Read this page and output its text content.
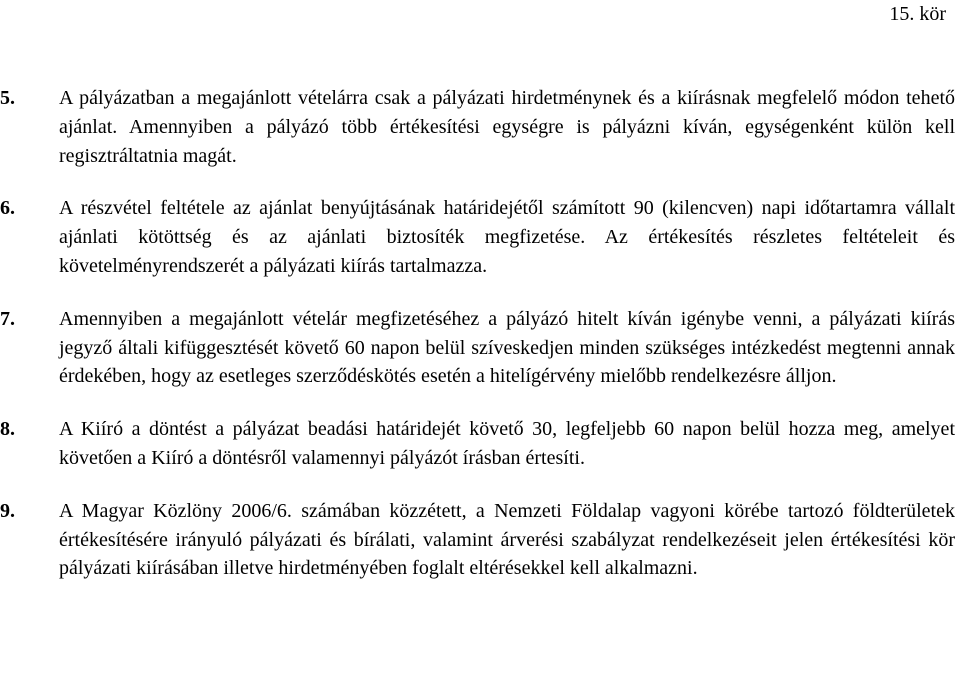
15. kör
5. A pályázatban a megajánlott vételárra csak a pályázati hirdetménynek és a kiírásnak megfelelő módon tehető ajánlat. Amennyiben a pályázó több értékesítési egységre is pályázni kíván, egységenként külön kell regisztráltatnia magát.
6. A részvétel feltétele az ajánlat benyújtásának határidejétől számított 90 (kilencven) napi időtartamra vállalt ajánlati kötöttség és az ajánlati biztosíték megfizetése. Az értékesítés részletes feltételeit és követelményrendszerét a pályázati kiírás tartalmazza.
7. Amennyiben a megajánlott vételár megfizetéséhez a pályázó hitelt kíván igénybe venni, a pályázati kiírás jegyző általi kifüggesztését követő 60 napon belül szíveskedjen minden szükséges intézkedést megtenni annak érdekében, hogy az esetleges szerződéskötés esetén a hitelígérvény mielőbb rendelkezésre álljon.
8. A Kiíró a döntést a pályázat beadási határidejét követő 30, legfeljebb 60 napon belül hozza meg, amelyet követően a Kiíró a döntésről valamennyi pályázót írásban értesíti.
9. A Magyar Közlöny 2006/6. számában közzétett, a Nemzeti Földalap vagyoni körébe tartozó földterületek értékesítésére irányuló pályázati és bírálati, valamint árverési szabályzat rendelkezéseit jelen értékesítési kör pályázati kiírásában illetve hirdetményében foglalt eltérésekkel kell alkalmazni.
